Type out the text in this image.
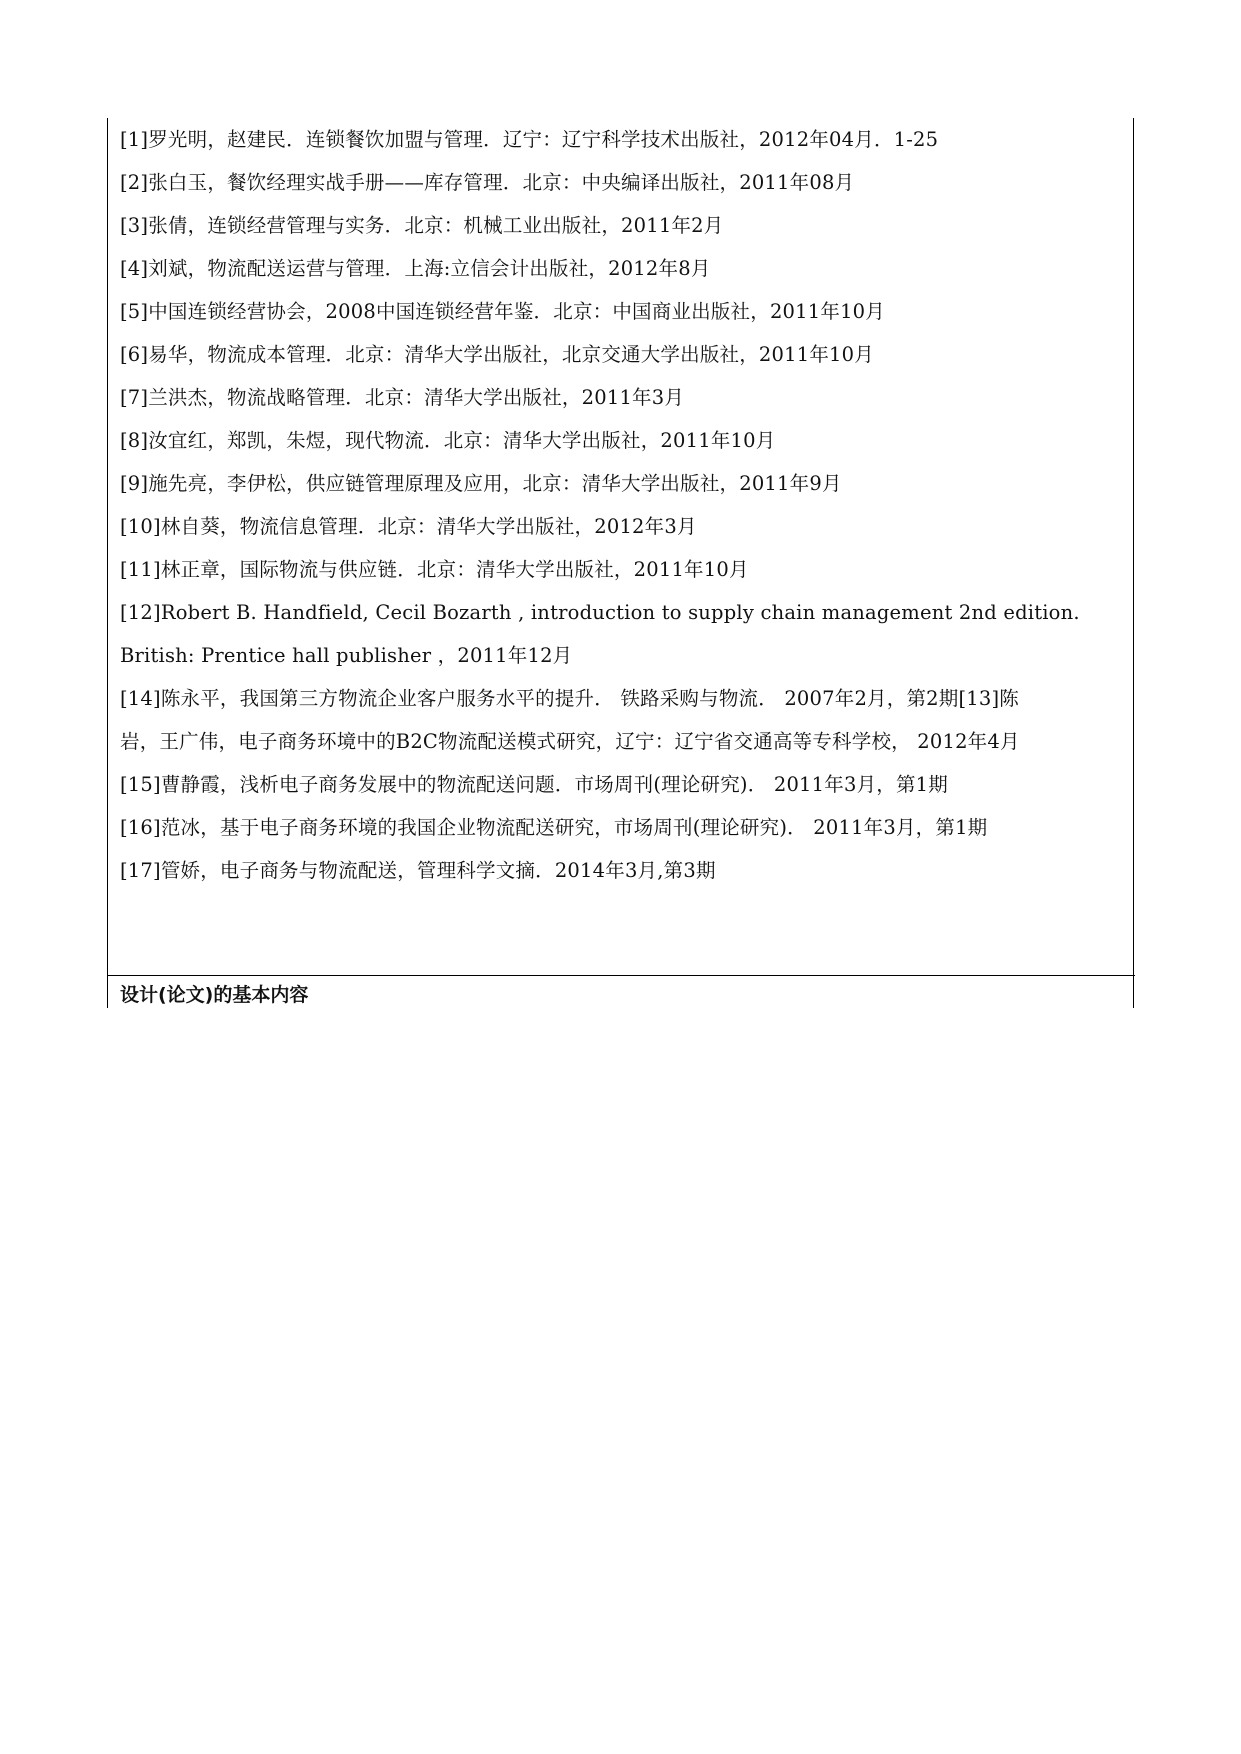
[1]罗光明，赵建民．连锁餐饮加盟与管理．辽宁：辽宁科学技术出版社，2012年04月．1-25
[2]张白玉，餐饮经理实战手册——库存管理．北京：中央编译出版社，2011年08月
[3]张倩，连锁经营管理与实务．北京：机械工业出版社，2011年2月
[4]刘斌，物流配送运营与管理．上海:立信会计出版社，2012年8月
[5]中国连锁经营协会，2008中国连锁经营年鉴．北京：中国商业出版社，2011年10月
[6]易华，物流成本管理．北京：清华大学出版社，北京交通大学出版社，2011年10月
[7]兰洪杰，物流战略管理．北京：清华大学出版社，2011年3月
[8]汝宜红，郑凯，朱煜，现代物流．北京：清华大学出版社，2011年10月
[9]施先亮，李伊松，供应链管理原理及应用，北京：清华大学出版社，2011年9月
[10]林自葵，物流信息管理．北京：清华大学出版社，2012年3月
[11]林正章，国际物流与供应链．北京：清华大学出版社，2011年10月
[12]Robert B. Handfield, Cecil Bozarth , introduction to supply chain management 2nd edition.
British: Prentice hall publisher ，2011年12月
[14]陈永平，我国第三方物流企业客户服务水平的提升． 铁路采购与物流． 2007年2月，第2期[13]陈
岩，王广伟，电子商务环境中的B2C物流配送模式研究，辽宁：辽宁省交通高等专科学校， 2012年4月
[15]曹静霞，浅析电子商务发展中的物流配送问题．市场周刊(理论研究)． 2011年3月，第1期
[16]范冰，基于电子商务环境的我国企业物流配送研究，市场周刊(理论研究)． 2011年3月，第1期
[17]管娇，电子商务与物流配送，管理科学文摘．2014年3月,第3期
设计(论文)的基本内容
